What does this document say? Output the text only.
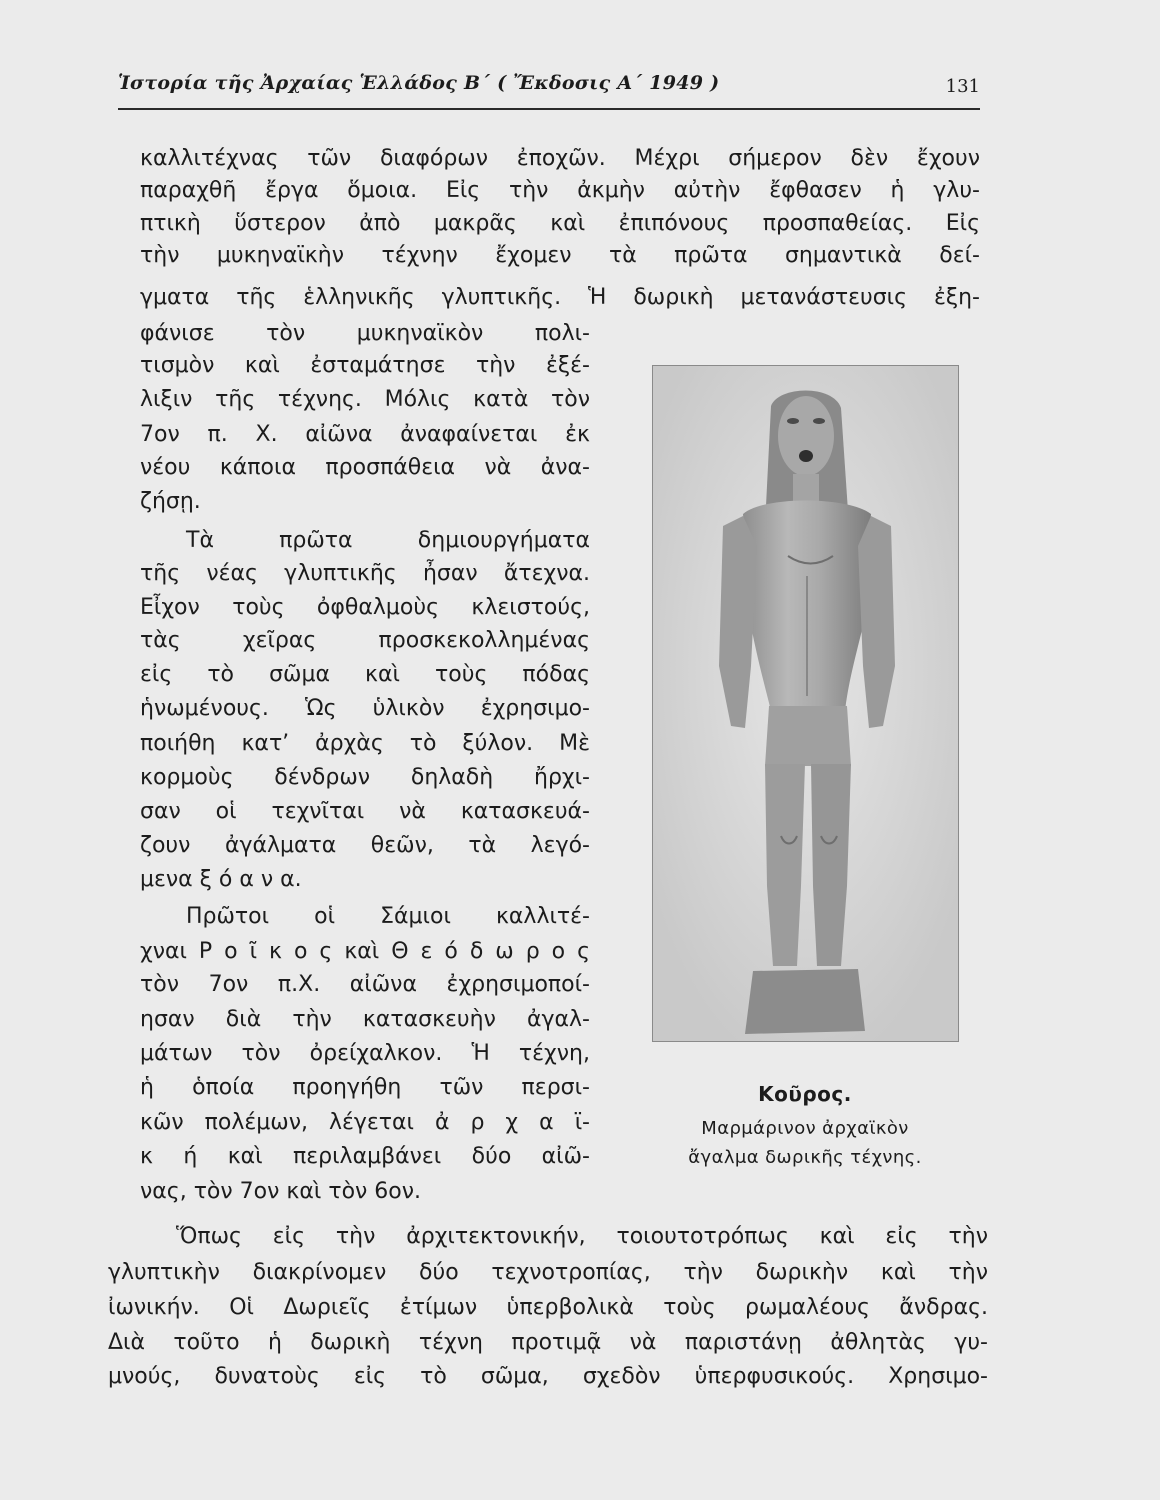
Ἱστορία τῆς Ἀρχαίας Ἑλλάδος Β΄ ( Ἔκδοσις Α΄ 1949 )	131
καλλιτέχνας τῶν διαφόρων ἐποχῶν. Μέχρι σήμερον δὲν ἔχουν
παραχθῆ ἔργα ὅμοια. Εἰς τὴν ἀκμὴν αὐτὴν ἔφθασεν ἡ γλυ-
πτικὴ ὕστερον ἀπὸ μακρᾶς καὶ ἐπιπόνους προσπαθείας. Εἰς
τὴν μυκηναϊκὴν τέχνην ἔχομεν τὰ πρῶτα σημαντικὰ δεί-
γματα τῆς ἑλληνικῆς γλυπτικῆς. Ἡ δωρικὴ μετανάστευσις ἐξη-
φάνισε τὸν μυκηναϊκὸν πολι-
τισμὸν καὶ ἐσταμάτησε τὴν ἐξέ-
λιξιν τῆς τέχνης. Μόλις κατὰ τὸν
7ον π. Χ. αἰῶνα ἀναφαίνεται ἐκ
νέου κάποια προσπάθεια νὰ ἀνα-
ζήσῃ.
Τὰ πρῶτα δημιουργήματα
τῆς νέας γλυπτικῆς ἦσαν ἄτεχνα.
Εἶχον τοὺς ὀφθαλμοὺς κλειστούς,
τὰς χεῖρας προσκεκολλημένας
εἰς τὸ σῶμα καὶ τοὺς πόδας
ἡνωμένους. Ὡς ὑλικὸν ἐχρησιμο-
ποιήθη κατ’ ἀρχὰς τὸ ξύλον. Μὲ
κορμοὺς δένδρων δηλαδὴ ἤρχι-
σαν οἱ τεχνῖται νὰ κατασκευά-
ζουν ἀγάλματα θεῶν, τὰ λεγό-
μενα ξ ό α ν α.
Πρῶτοι οἱ Σάμιοι καλλιτέ-
χναι Ρ ο ῖ κ ο ς καὶ Θ ε ό δ ω ρ ο ς
τὸν 7ον π.Χ. αἰῶνα ἐχρησιμοποί-
ησαν διὰ τὴν κατασκευὴν ἀγαλ-
μάτων τὸν ὀρείχαλκον. Ἡ τέχνη,
ἡ ὁποία προηγήθη τῶν περσι-
κῶν πολέμων, λέγεται ἀ ρ χ α ϊ-
κ ή καὶ περιλαμβάνει δύο αἰῶ-
νας, τὸν 7ον καὶ τὸν 6ον.
Κοῦρος.
Μαρμάρινον ἀρχαϊκὸν
ἄγαλμα δωρικῆς τέχνης.
Ὅπως εἰς τὴν ἀρχιτεκτονικήν, τοιουτοτρόπως καὶ εἰς τὴν
γλυπτικὴν διακρίνομεν δύο τεχνοτροπίας, τὴν δωρικὴν καὶ τὴν
ἰωνικήν. Οἱ Δωριεῖς ἐτίμων ὑπερβολικὰ τοὺς ρωμαλέους ἄνδρας.
Διὰ τοῦτο ἡ δωρικὴ τέχνη προτιμᾷ νὰ παριστάνῃ ἀθλητὰς γυ-
μνούς, δυνατοὺς εἰς τὸ σῶμα, σχεδὸν ὑπερφυσικούς. Χρησιμο-
